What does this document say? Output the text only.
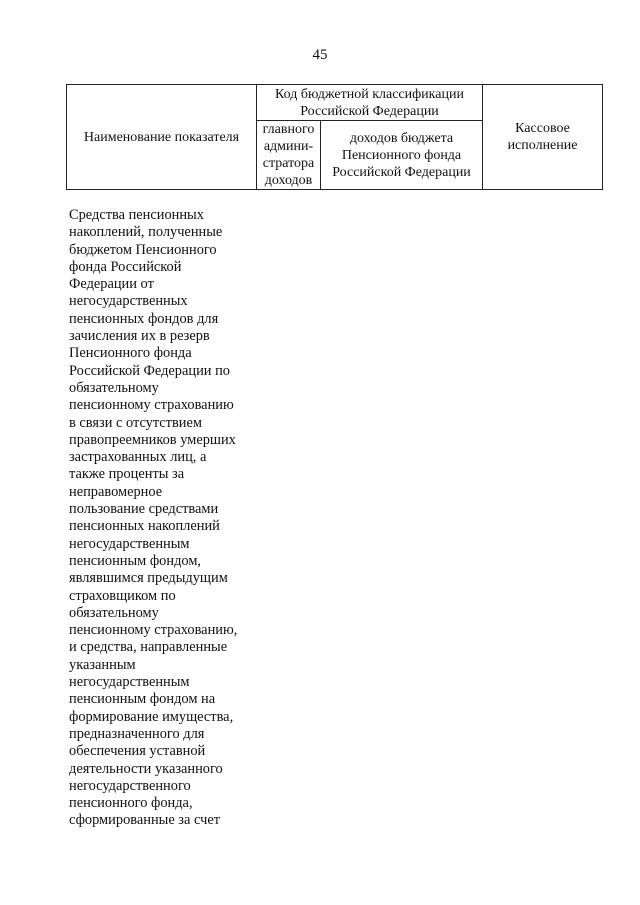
45
Наименование показателя	Код бюджетной классификации Российской Федерации		Кассовое исполнение
	главного админи-стратора доходов	доходов бюджета Пенсионного фонда Российской Федерации	
Средства пенсионных
накоплений, полученные
бюджетом Пенсионного
фонда Российской
Федерации от
негосударственных
пенсионных фондов для
зачисления их в резерв
Пенсионного фонда
Российской Федерации по
обязательному
пенсионному страхованию
в связи с отсутствием
правопреемников умерших
застрахованных лиц, а
также проценты за
неправомерное
пользование средствами
пенсионных накоплений
негосударственным
пенсионным фондом,
являвшимся предыдущим
страховщиком по
обязательному
пенсионному страхованию,
и средства, направленные
указанным
негосударственным
пенсионным фондом на
формирование имущества,
предназначенного для
обеспечения уставной
деятельности указанного
негосударственного
пенсионного фонда,
сформированные за счет
